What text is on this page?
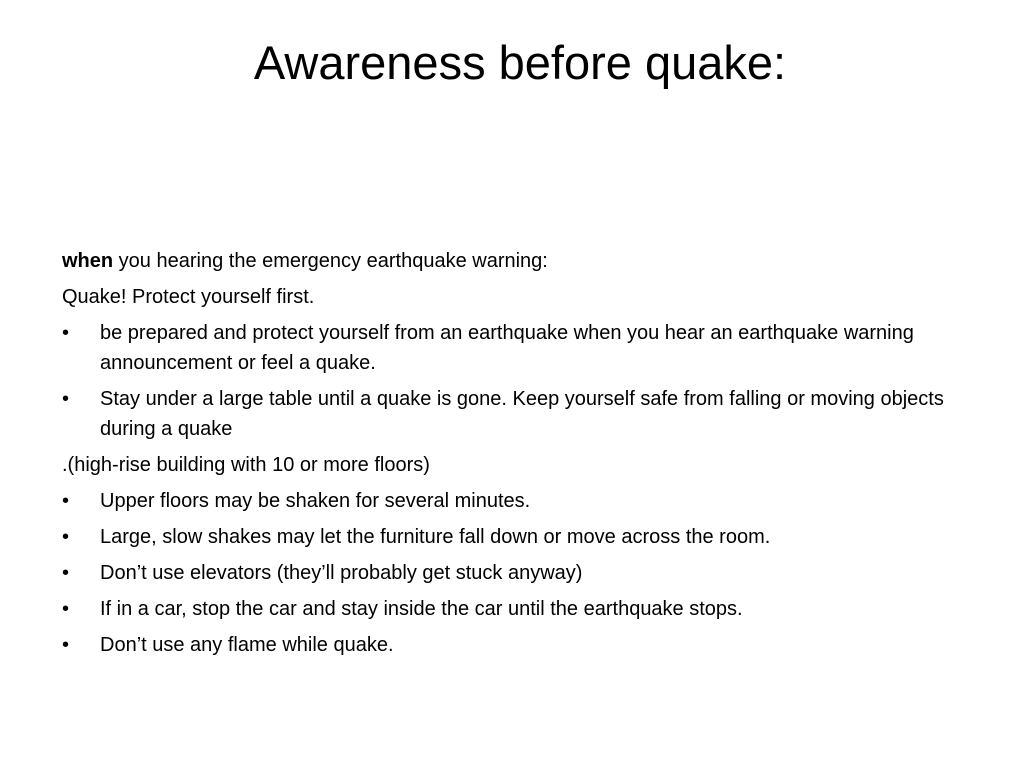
Awareness before quake:

when you hearing the emergency earthquake warning:

Quake! Protect yourself first.

• be prepared and protect yourself from an earthquake when you hear an earthquake warning announcement or feel a quake.
• Stay under a large table until a quake is gone. Keep yourself safe from falling or moving objects during a quake

.(high-rise building with 10 or more floors)

• Upper floors may be shaken for several minutes.
• Large, slow shakes may let the furniture fall down or move across the room.
• Don’t use elevators (they’ll probably get stuck anyway)
• If in a car, stop the car and stay inside the car until the earthquake stops.
• Don’t use any flame while quake.
